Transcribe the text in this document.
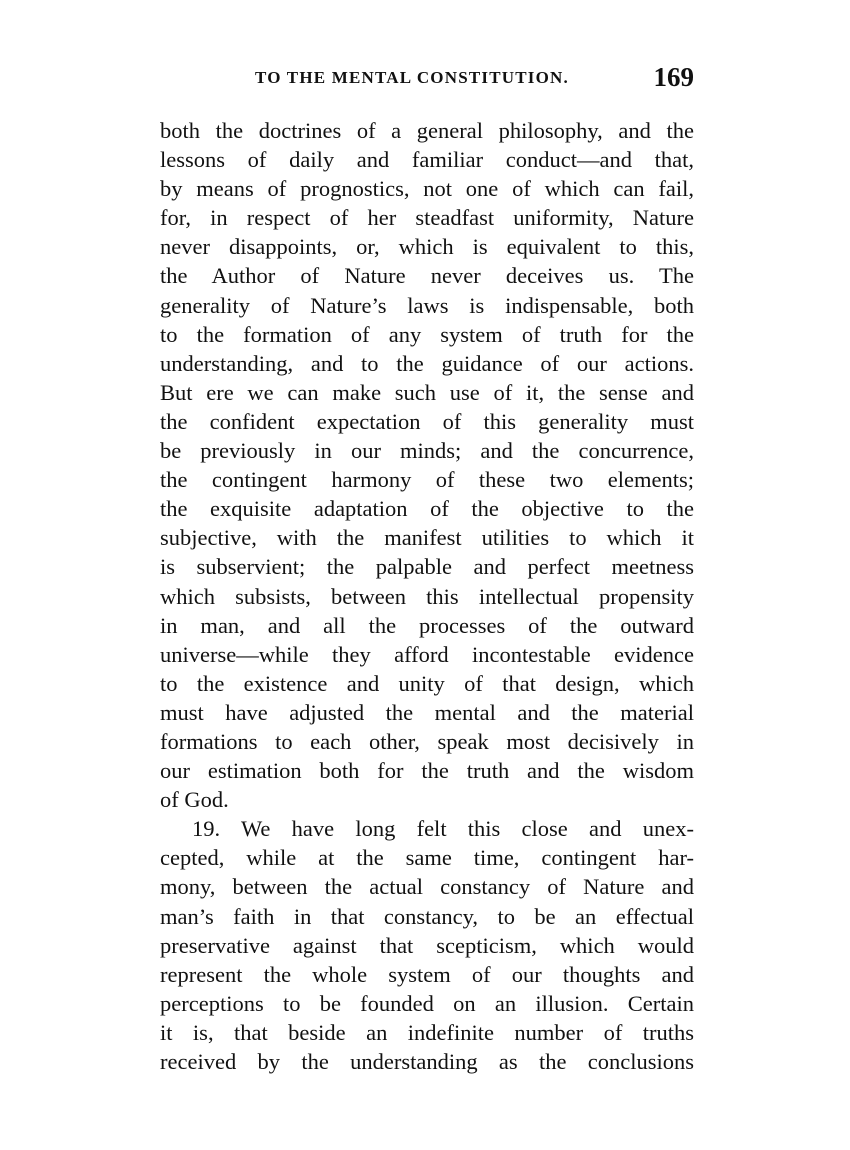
TO THE MENTAL CONSTITUTION.	169
both the doctrines of a general philosophy, and the
lessons of daily and familiar conduct—and that,
by means of prognostics, not one of which can fail,
for, in respect of her steadfast uniformity, Nature
never disappoints, or, which is equivalent to this,
the Author of Nature never deceives us. The
generality of Nature’s laws is indispensable, both
to the formation of any system of truth for the
understanding, and to the guidance of our actions.
But ere we can make such use of it, the sense and
the confident expectation of this generality must
be previously in our minds; and the concurrence,
the contingent harmony of these two elements;
the exquisite adaptation of the objective to the
subjective, with the manifest utilities to which it
is subservient; the palpable and perfect meetness
which subsists, between this intellectual propensity
in man, and all the processes of the outward
universe—while they afford incontestable evidence
to the existence and unity of that design, which
must have adjusted the mental and the material
formations to each other, speak most decisively in
our estimation both for the truth and the wisdom
of God.
19. We have long felt this close and unex-
cepted, while at the same time, contingent har-
mony, between the actual constancy of Nature and
man’s faith in that constancy, to be an effectual
preservative against that scepticism, which would
represent the whole system of our thoughts and
perceptions to be founded on an illusion. Certain
it is, that beside an indefinite number of truths
received by the understanding as the conclusions
